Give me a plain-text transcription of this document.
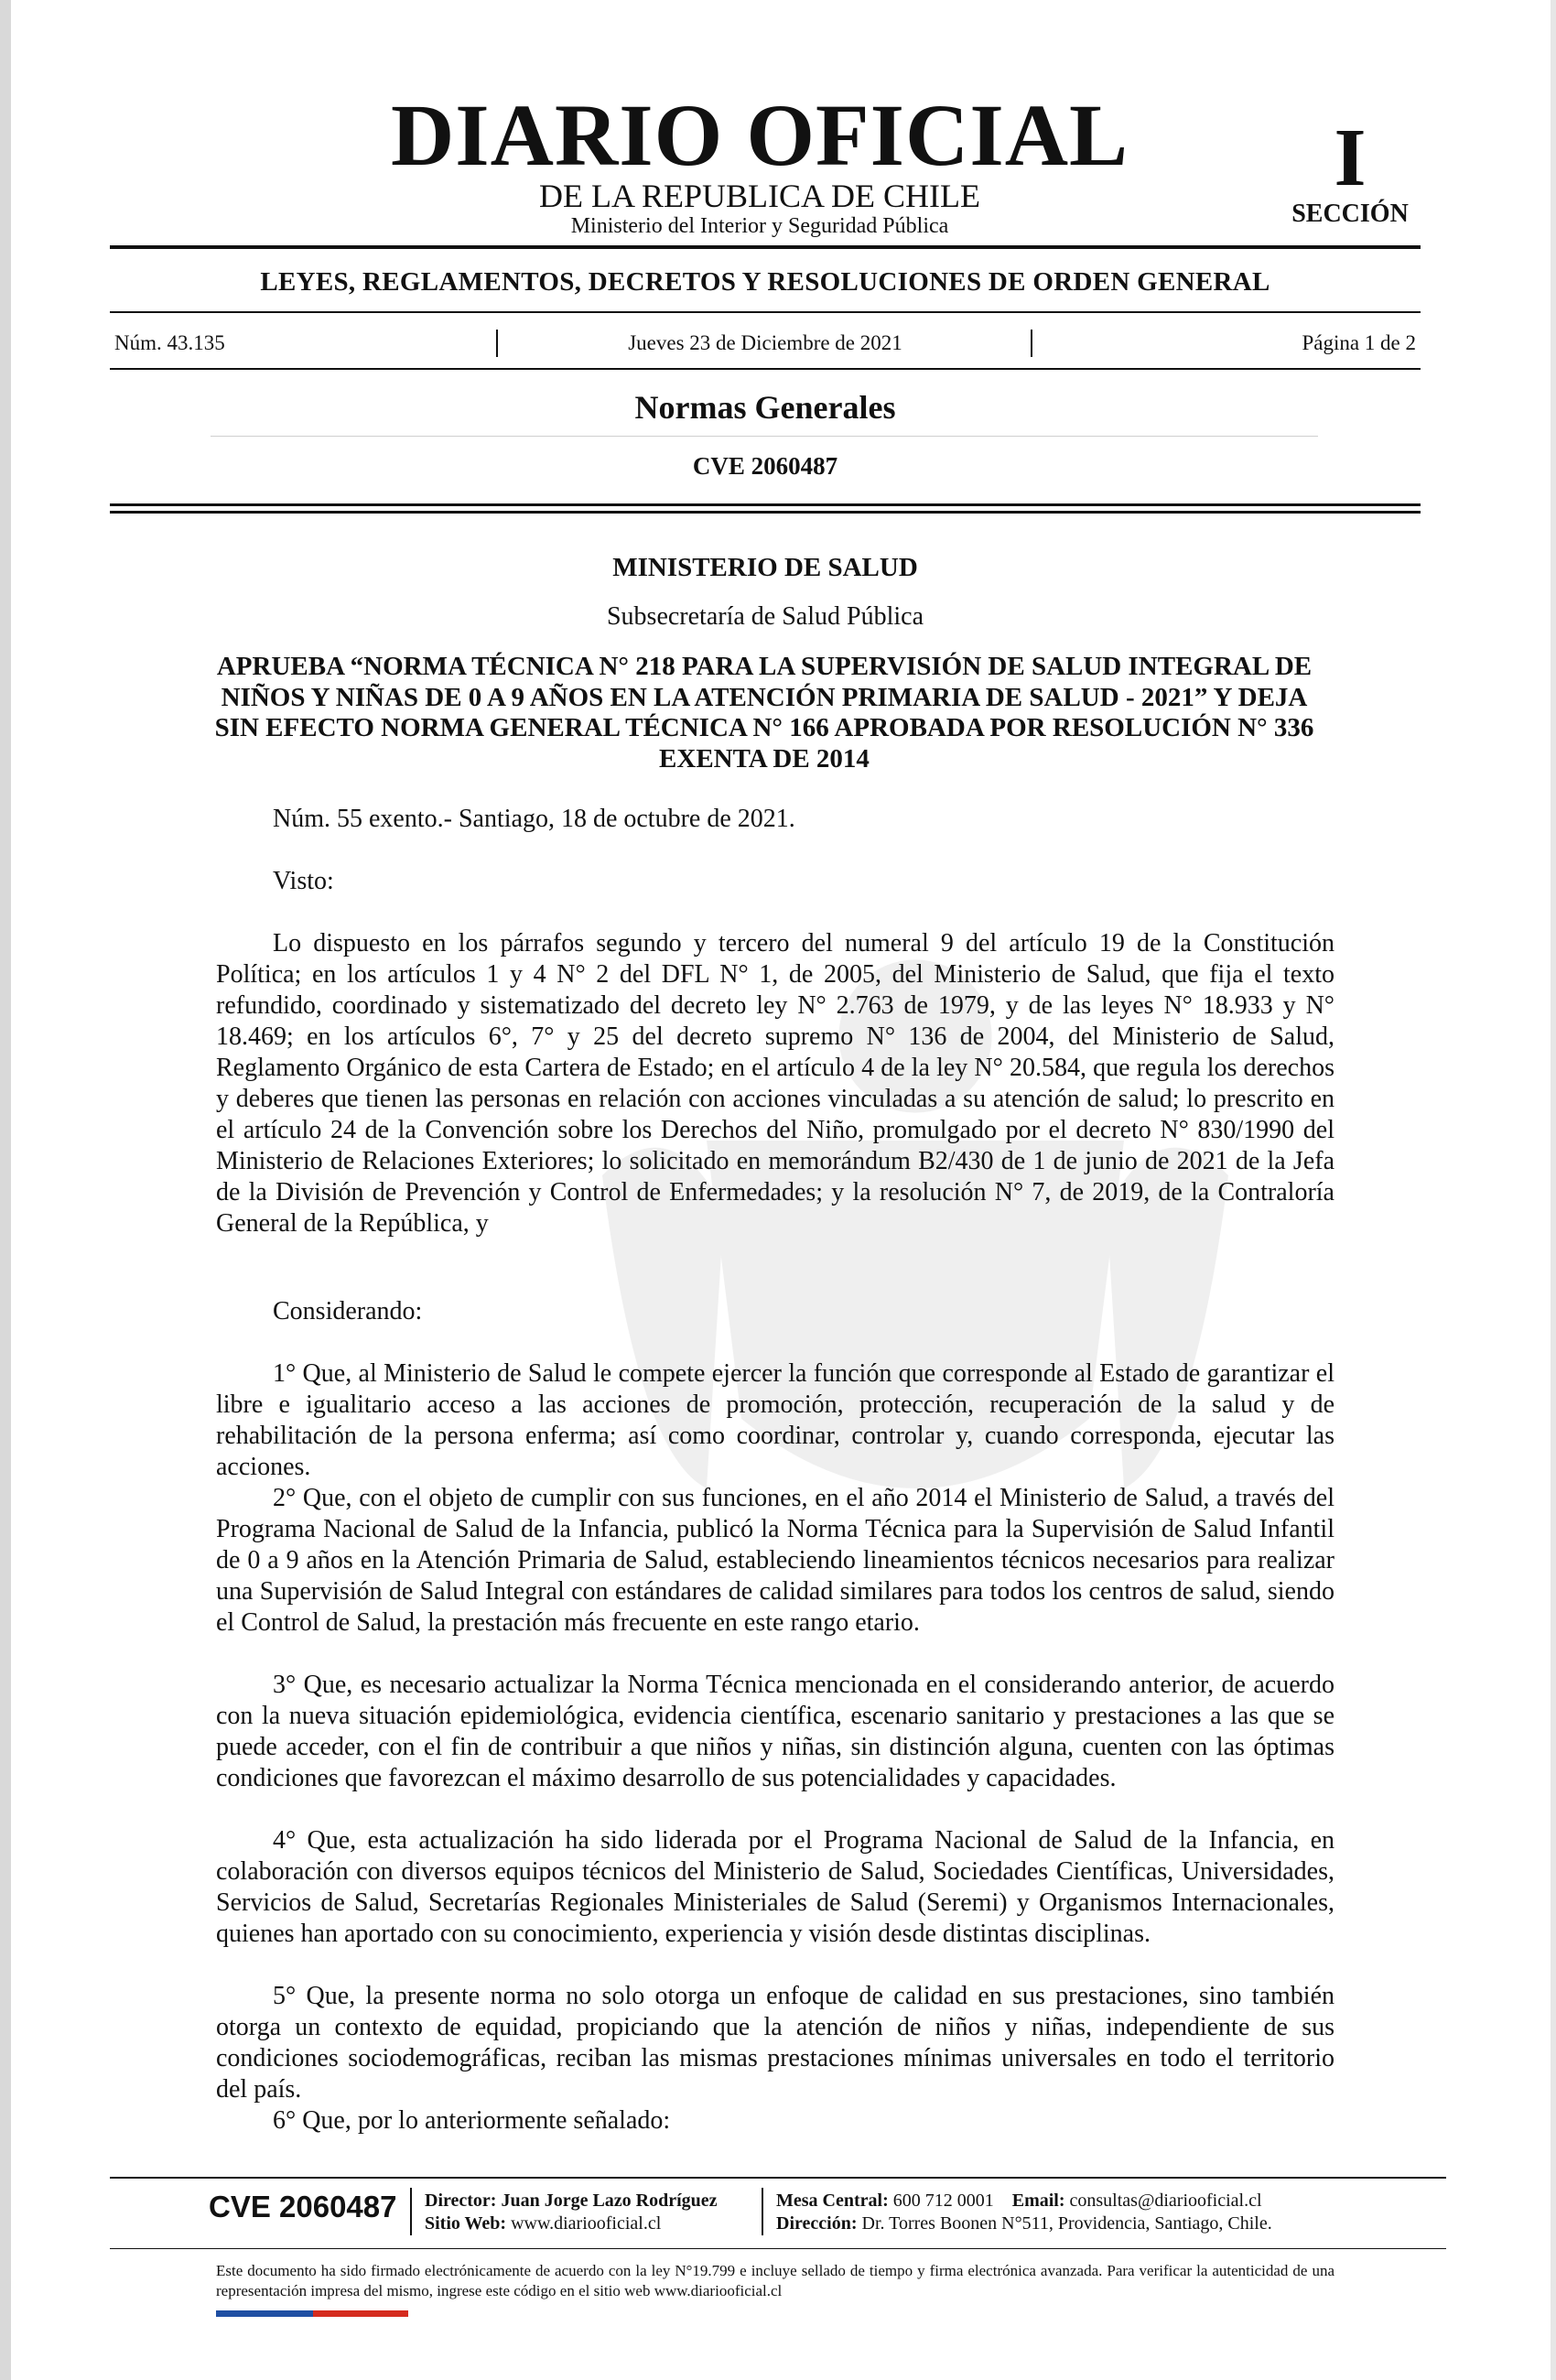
DIARIO OFICIAL
DE LA REPUBLICA DE CHILE
Ministerio del Interior y Seguridad Pública
I
SECCIÓN
LEYES, REGLAMENTOS, DECRETOS Y RESOLUCIONES DE ORDEN GENERAL
Núm. 43.135	Jueves 23 de Diciembre de 2021	Página 1 de 2
Normas Generales
CVE 2060487
MINISTERIO DE SALUD
Subsecretaría de Salud Pública
APRUEBA “NORMA TÉCNICA N° 218 PARA LA SUPERVISIÓN DE SALUD INTEGRAL DE NIÑOS Y NIÑAS DE 0 A 9 AÑOS EN LA ATENCIÓN PRIMARIA DE SALUD - 2021” Y DEJA SIN EFECTO NORMA GENERAL TÉCNICA N° 166 APROBADA POR RESOLUCIÓN N° 336 EXENTA DE 2014
Núm. 55 exento.- Santiago, 18 de octubre de 2021.
Visto:
Lo dispuesto en los párrafos segundo y tercero del numeral 9 del artículo 19 de la Constitución Política; en los artículos 1 y 4 N° 2 del DFL N° 1, de 2005, del Ministerio de Salud, que fija el texto refundido, coordinado y sistematizado del decreto ley N° 2.763 de 1979, y de las leyes N° 18.933 y N° 18.469; en los artículos 6°, 7° y 25 del decreto supremo N° 136 de 2004, del Ministerio de Salud, Reglamento Orgánico de esta Cartera de Estado; en el artículo 4 de la ley N° 20.584, que regula los derechos y deberes que tienen las personas en relación con acciones vinculadas a su atención de salud; lo prescrito en el artículo 24 de la Convención sobre los Derechos del Niño, promulgado por el decreto N° 830/1990 del Ministerio de Relaciones Exteriores; lo solicitado en memorándum B2/430 de 1 de junio de 2021 de la Jefa de la División de Prevención y Control de Enfermedades; y la resolución N° 7, de 2019, de la Contraloría General de la República, y
Considerando:
1° Que, al Ministerio de Salud le compete ejercer la función que corresponde al Estado de garantizar el libre e igualitario acceso a las acciones de promoción, protección, recuperación de la salud y de rehabilitación de la persona enferma; así como coordinar, controlar y, cuando corresponda, ejecutar las acciones.
2° Que, con el objeto de cumplir con sus funciones, en el año 2014 el Ministerio de Salud, a través del Programa Nacional de Salud de la Infancia, publicó la Norma Técnica para la Supervisión de Salud Infantil de 0 a 9 años en la Atención Primaria de Salud, estableciendo lineamientos técnicos necesarios para realizar una Supervisión de Salud Integral con estándares de calidad similares para todos los centros de salud, siendo el Control de Salud, la prestación más frecuente en este rango etario.
3° Que, es necesario actualizar la Norma Técnica mencionada en el considerando anterior, de acuerdo con la nueva situación epidemiológica, evidencia científica, escenario sanitario y prestaciones a las que se puede acceder, con el fin de contribuir a que niños y niñas, sin distinción alguna, cuenten con las óptimas condiciones que favorezcan el máximo desarrollo de sus potencialidades y capacidades.
4° Que, esta actualización ha sido liderada por el Programa Nacional de Salud de la Infancia, en colaboración con diversos equipos técnicos del Ministerio de Salud, Sociedades Científicas, Universidades, Servicios de Salud, Secretarías Regionales Ministeriales de Salud (Seremi) y Organismos Internacionales, quienes han aportado con su conocimiento, experiencia y visión desde distintas disciplinas.
5° Que, la presente norma no solo otorga un enfoque de calidad en sus prestaciones, sino también otorga un contexto de equidad, propiciando que la atención de niños y niñas, independiente de sus condiciones sociodemográficas, reciban las mismas prestaciones mínimas universales en todo el territorio del país.
6° Que, por lo anteriormente señalado:
CVE 2060487 Director: Juan Jorge Lazo Rodríguez
Sitio Web: www.diariooficial.cl
Mesa Central: 600 712 0001 Email: consultas@diariooficial.cl
Dirección: Dr. Torres Boonen N°511, Providencia, Santiago, Chile.
Este documento ha sido firmado electrónicamente de acuerdo con la ley N°19.799 e incluye sellado de tiempo y firma electrónica avanzada. Para verificar la autenticidad de una representación impresa del mismo, ingrese este código en el sitio web www.diariooficial.cl
